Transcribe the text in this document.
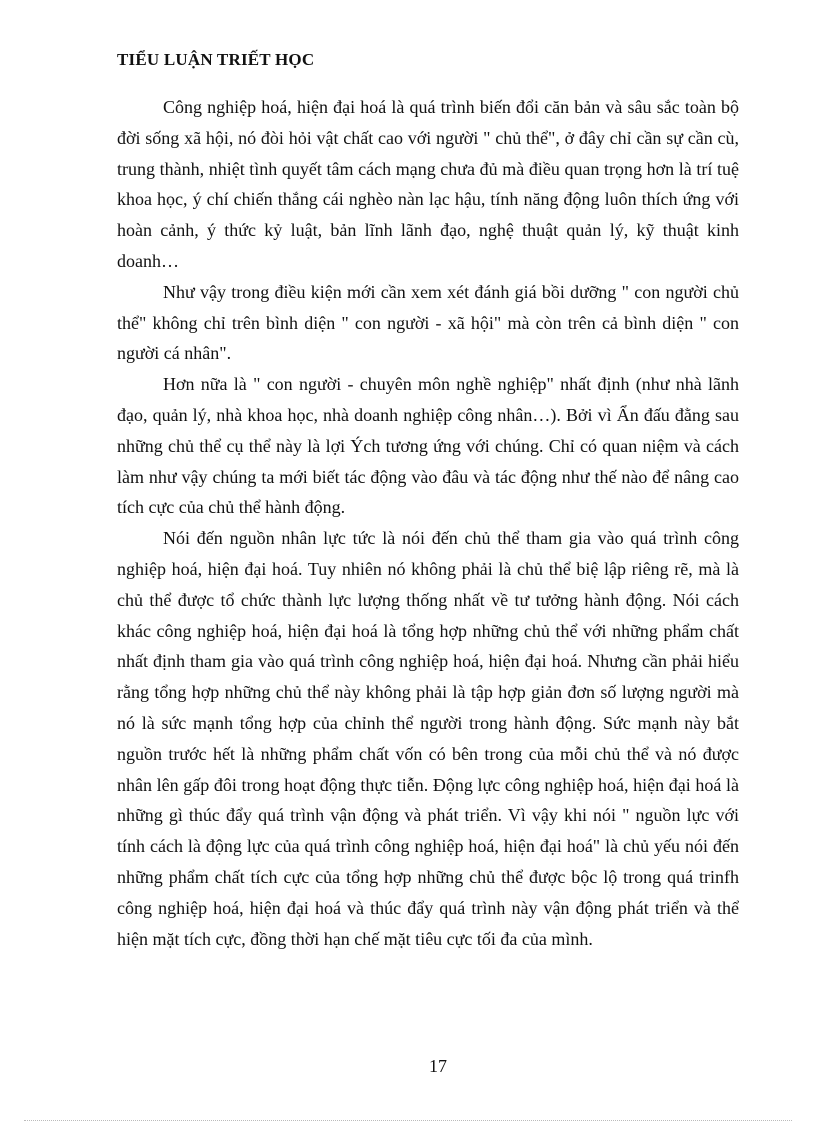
TIỂU LUẬN TRIẾT HỌC

Công nghiệp hoá, hiện đại hoá là quá trình biến đổi căn bản và sâu sắc toàn bộ đời sống xã hội, nó đòi hỏi vật chất cao với người " chủ thể", ở đây chỉ cần sự cần cù, trung thành, nhiệt tình quyết tâm cách mạng chưa đủ mà điều quan trọng hơn là trí tuệ khoa học, ý chí chiến thắng cái nghèo nàn lạc hậu, tính năng động luôn thích ứng với hoàn cảnh, ý thức kỷ luật, bản lĩnh lãnh đạo, nghệ thuật quản lý, kỹ thuật kinh doanh…

Như vậy trong điều kiện mới cần xem xét đánh giá bồi dưỡng " con người chủ thể" không chỉ trên bình diện " con người - xã hội" mà còn trên cả bình diện " con người cá nhân".

Hơn nữa là " con người - chuyên môn nghề nghiệp" nhất định (như nhà lãnh đạo, quản lý, nhà khoa học, nhà doanh nghiệp công nhân…). Bởi vì Ẩn đấu đằng sau những chủ thể cụ thể này là lợi Ých tương ứng với chúng. Chỉ có quan niệm và cách làm như vậy chúng ta mới biết tác động vào đâu và tác động như thế nào để nâng cao tích cực của chủ thể hành động.

Nói đến nguồn nhân lực tức là nói đến chủ thể tham gia vào quá trình công nghiệp hoá, hiện đại hoá. Tuy nhiên nó không phải là chủ thể biệ lập riêng rẽ, mà là chủ thể được tổ chức thành lực lượng thống nhất về tư tưởng hành động. Nói cách khác công nghiệp hoá, hiện đại hoá là tổng hợp những chủ thể với những phẩm chất nhất định tham gia vào quá trình công nghiệp hoá, hiện đại hoá. Nhưng cần phải hiểu rằng tổng hợp những chủ thể này không phải là tập hợp giản đơn số lượng người mà nó là sức mạnh tổng hợp của chỉnh thể người trong hành động. Sức mạnh này bắt nguồn trước hết là những phẩm chất vốn có bên trong của mỗi chủ thể và nó được nhân lên gấp đôi trong hoạt động thực tiễn. Động lực công nghiệp hoá, hiện đại hoá là những gì thúc đẩy quá trình vận động và phát triển. Vì vậy khi nói " nguồn lực với tính cách là động lực của quá trình công nghiệp hoá, hiện đại hoá" là chủ yếu nói đến những phẩm chất tích cực của tổng hợp những chủ thể được bộc lộ trong quá trinfh công nghiệp hoá, hiện đại hoá và thúc đẩy quá trình này vận động phát triển và thể hiện mặt tích cực, đồng thời hạn chế mặt tiêu cực tối đa của mình.

17
